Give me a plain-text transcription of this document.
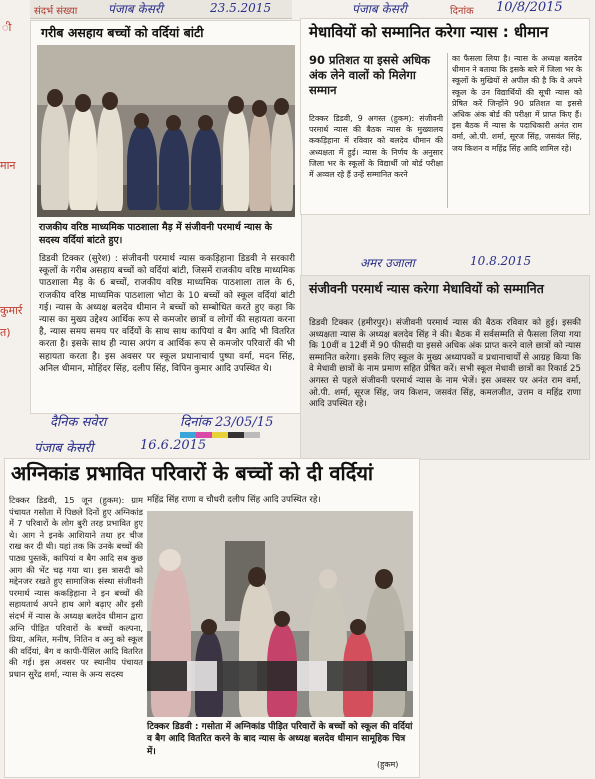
संदर्भ संख्या	पंजाब केसरी	23.5.2015
ी
मान
कुमार्र
त)
गरीब असहाय बच्चों को वर्दियां बांटी
राजकीय वरिष्ठ माध्यमिक पाठशाला मैड़ में संजीवनी परमार्थ न्यास के सदस्य वर्दियां बांटते हुए।
डिडवी टिक्कर (सुरेश) : संजीवनी परमार्थ न्यास ककड़िहाना डिडवी ने सरकारी स्कूलों के गरीब असहाय बच्चों को वर्दियां बांटी, जिसमें राजकीय वरिष्ठ माध्यमिक पाठशाला मैड़ के 6 बच्चों, राजकीय वरिष्ठ माध्यमिक पाठशाला ताल के 6, राजकीय वरिष्ठ माध्यमिक पाठशाला भोटा के 10 बच्चों को स्कूल वर्दियां बांटी गई। न्यास के अध्यक्ष बलदेव धीमान ने बच्चों को सम्बोधित करते हुए कहा कि न्यास का मुख्य उद्देश्य आर्थिक रूप से कमजोर छात्रों व लोगों की सहायता करना है, न्यास समय समय पर वर्दियों के साथ साथ कापियां व बैग आदि भी वितरित करता है। इसके साथ ही न्यास अपंग व आर्थिक रूप से कमजोर परिवारों की भी सहायता करता है। इस अवसर पर स्कूल प्रधानाचार्य पुष्पा वर्मा, मदन सिंह, अनिल धीमान, मोहिंदर सिंह, दलीप सिंह, विपिन कुमार आदि उपस्थित थे।
पंजाब केसरी	दिनांक 10/8/2015
मेधावियों को सम्मानित करेगा न्यास : धीमान
90 प्रतिशत या इससे अधिक अंक लेने वालों को मिलेगा सम्मान
टिक्कर डिडवी, 9 अगस्त (हुकम): संजीवनी परमार्थ न्यास की बैठक न्यास के मुख्यालय ककड़िहाना में रविवार को बलदेव धीमान की अध्यक्षता में हुई। न्यास के निर्णय के अनुसार जिला भर के स्कूलों के विद्यार्थी जो बोर्ड परीक्षा में अव्वल रहे हैं उन्हें सम्मानित करने
का फैसला लिया है। न्यास के अध्यक्ष बलदेव धीमान ने बताया कि इसके बारे में जिला भर के स्कूलों के मुखियों से अपील की है कि वे अपने स्कूल के उन विद्यार्थियों की सूची न्यास को प्रेषित करें जिन्होंने 90 प्रतिशत या इससे अधिक अंक बोर्ड की परीक्षा में प्राप्त किए हैं। इस बैठक में न्यास के पदाधिकारी अनंत राम वर्मा, ओ.पी. शर्मा, सूरज सिंह, जसवंत सिंह, जय किशन व महिंद्र सिंह आदि शामिल रहे।
अमर उजाला	10.8.2015
संजीवनी परमार्थ न्यास करेगा मेधावियों को सम्मानित
डिडवी टिक्कर (हमीरपुर)। संजीवनी परमार्थ न्यास की बैठक रविवार को हुई। इसकी अध्यक्षता न्यास के अध्यक्ष बलदेव सिंह ने की। बैठक में सर्वसम्मति से फैसला लिया गया कि 10वीं व 12वीं में 90 फीसदी या इससे अधिक अंक प्राप्त करने वाले छात्रों को न्यास सम्मानित करेगा। इसके लिए स्कूल के मुख्य अध्यापकों व प्रधानाचार्यों से आग्रह किया कि वे मेधावी छात्रों के नाम प्रमाण सहित प्रेषित करें। सभी स्कूल मेधावी छात्रों का रिकार्ड 25 अगस्त से पहले संजीवनी परमार्थ न्यास के नाम भेजें। इस अवसर पर अनंत राम वर्मा, ओ.पी. शर्मा, सूरज सिंह, जय किशन, जसवंत सिंह, कमलजीत, उत्तम व महिंद्र राणा आदि उपस्थित रहे।
दैनिक सवेरा	दिनांक 23/05/15
पंजाब केसरी	16.6.2015
अग्निकांड प्रभावित परिवारों के बच्चों को दी वर्दियां
टिक्कर डिडवी, 15 जून (हुकम): ग्राम पंचायत गसोता में पिछले दिनों हुए अग्निकांड में 7 परिवारों के लोग बुरी तरह प्रभावित हुए थे। आग ने इनके आशियाने तथा हर चीज राख कर दी थी। यहां तक कि उनके बच्चों की पाठ्य पुस्तकें, कापियां व बैग आदि सब कुछ आग की भेंट चढ़ गया था। इस त्रासदी को मद्देनजर रखते हुए सामाजिक संस्था संजीवनी परमार्थ न्यास ककड़िहाना ने इन बच्चों की सहायतार्थ अपने हाथ आगे बढ़ाए और इसी संदर्भ में न्यास के अध्यक्ष बलदेव धीमान द्वारा अग्नि पीड़ित परिवारों के बच्चों कल्पना, प्रिया, अमित, मनीष, नितिन व अनु को स्कूल की वर्दियां, बैग व कापी-पैंसिल आदि वितरित की गई। इस अवसर पर स्थानीय पंचायत प्रधान सुरेंद्र शर्मा, न्यास के अन्य सदस्य
महिंद्र सिंह राणा व चौधरी दलीप सिंह आदि उपस्थित रहे।
टिक्कर डिडवी : गसोता में अग्निकांड पीड़ित परिवारों के बच्चों को स्कूल की वर्दियां व बैग आदि वितरित करने के बाद न्यास के अध्यक्ष बलदेव धीमान सामूहिक चित्र में।
(हुकम)
